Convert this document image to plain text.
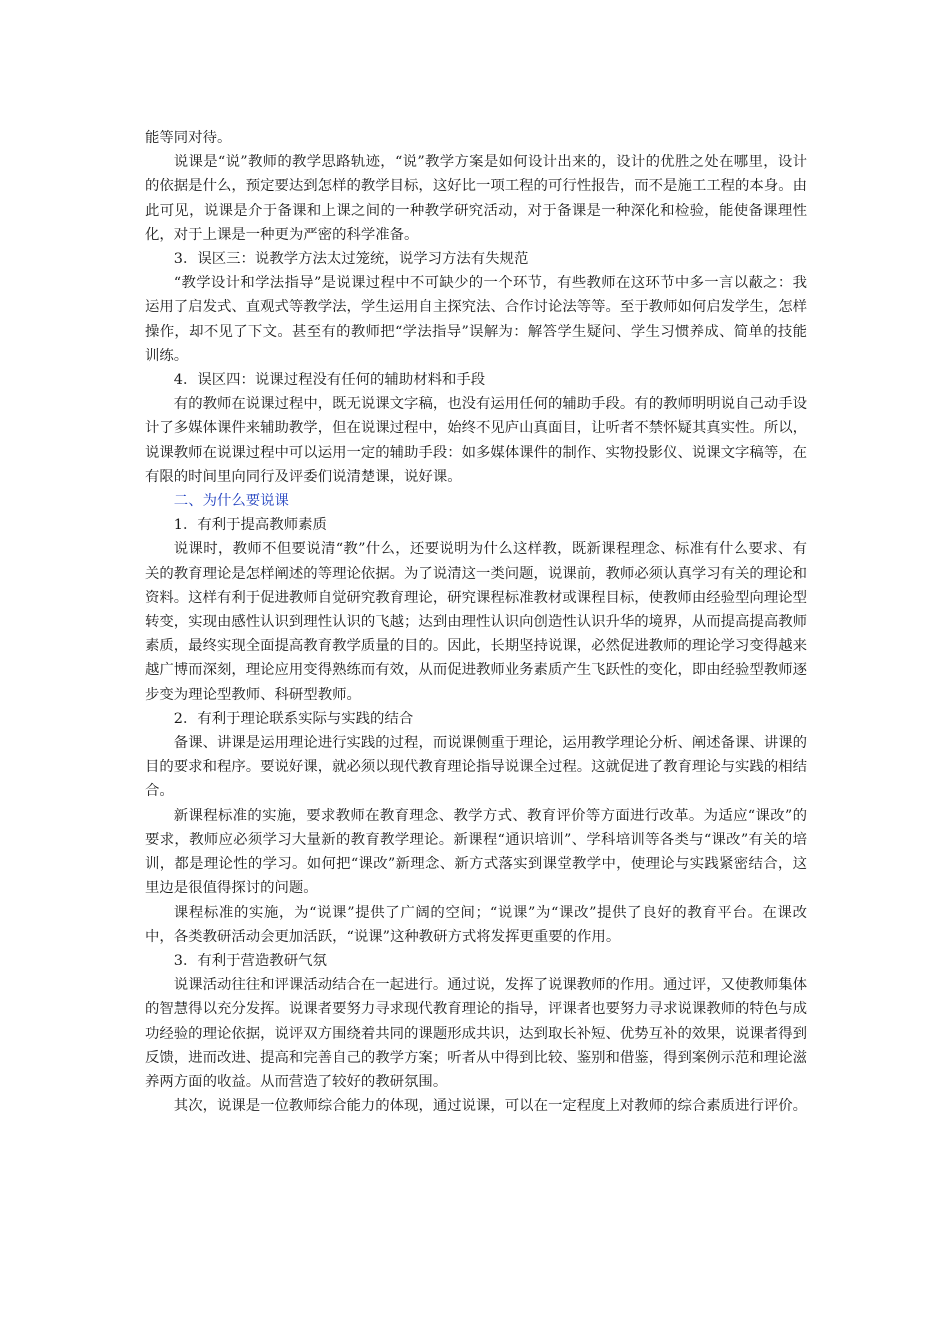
能等同对待。

说课是“说”教师的教学思路轨迹，“说”教学方案是如何设计出来的，设计的优胜之处在哪里，设计的依据是什么，预定要达到怎样的教学目标，这好比一项工程的可行性报告，而不是施工工程的本身。由此可见，说课是介于备课和上课之间的一种教学研究活动，对于备课是一种深化和检验，能使备课理性化，对于上课是一种更为严密的科学准备。

3．误区三：说教学方法太过笼统，说学习方法有失规范

“教学设计和学法指导”是说课过程中不可缺少的一个环节，有些教师在这环节中多一言以蔽之：我运用了启发式、直观式等教学法，学生运用自主探究法、合作讨论法等等。至于教师如何启发学生，怎样操作，却不见了下文。甚至有的教师把“学法指导”误解为：解答学生疑问、学生习惯养成、简单的技能训练。

4．误区四：说课过程没有任何的辅助材料和手段

有的教师在说课过程中，既无说课文字稿，也没有运用任何的辅助手段。有的教师明明说自己动手设计了多媒体课件来辅助教学，但在说课过程中，始终不见庐山真面目，让听者不禁怀疑其真实性。所以，说课教师在说课过程中可以运用一定的辅助手段：如多媒体课件的制作、实物投影仪、说课文字稿等，在有限的时间里向同行及评委们说清楚课，说好课。

二、为什么要说课

1．有利于提高教师素质

说课时，教师不但要说清“教”什么，还要说明为什么这样教，既新课程理念、标准有什么要求、有关的教育理论是怎样阐述的等理论依据。为了说清这一类问题，说课前，教师必须认真学习有关的理论和资料。这样有利于促进教师自觉研究教育理论，研究课程标准教材或课程目标，使教师由经验型向理论型转变，实现由感性认识到理性认识的飞越；达到由理性认识向创造性认识升华的境界，从而提高提高教师素质，最终实现全面提高教育教学质量的目的。因此，长期坚持说课，必然促进教师的理论学习变得越来越广博而深刻，理论应用变得熟练而有效，从而促进教师业务素质产生飞跃性的变化，即由经验型教师逐步变为理论型教师、科研型教师。

2．有利于理论联系实际与实践的结合

备课、讲课是运用理论进行实践的过程，而说课侧重于理论，运用教学理论分析、阐述备课、讲课的目的要求和程序。要说好课，就必须以现代教育理论指导说课全过程。这就促进了教育理论与实践的相结合。

新课程标准的实施，要求教师在教育理念、教学方式、教育评价等方面进行改革。为适应“课改”的要求，教师应必须学习大量新的教育教学理论。新课程“通识培训”、学科培训等各类与“课改”有关的培训，都是理论性的学习。如何把“课改”新理念、新方式落实到课堂教学中，使理论与实践紧密结合，这里边是很值得探讨的问题。

课程标准的实施，为“说课”提供了广阔的空间；“说课”为“课改”提供了良好的教育平台。在课改中，各类教研活动会更加活跃，“说课”这种教研方式将发挥更重要的作用。

3．有利于营造教研气氛

说课活动往往和评课活动结合在一起进行。通过说，发挥了说课教师的作用。通过评，又使教师集体的智慧得以充分发挥。说课者要努力寻求现代教育理论的指导，评课者也要努力寻求说课教师的特色与成功经验的理论依据，说评双方围绕着共同的课题形成共识，达到取长补短、优势互补的效果，说课者得到反馈，进而改进、提高和完善自己的教学方案；听者从中得到比较、鉴别和借鉴，得到案例示范和理论滋养两方面的收益。从而营造了较好的教研氛围。

其次，说课是一位教师综合能力的体现，通过说课，可以在一定程度上对教师的综合素质进行评价。
